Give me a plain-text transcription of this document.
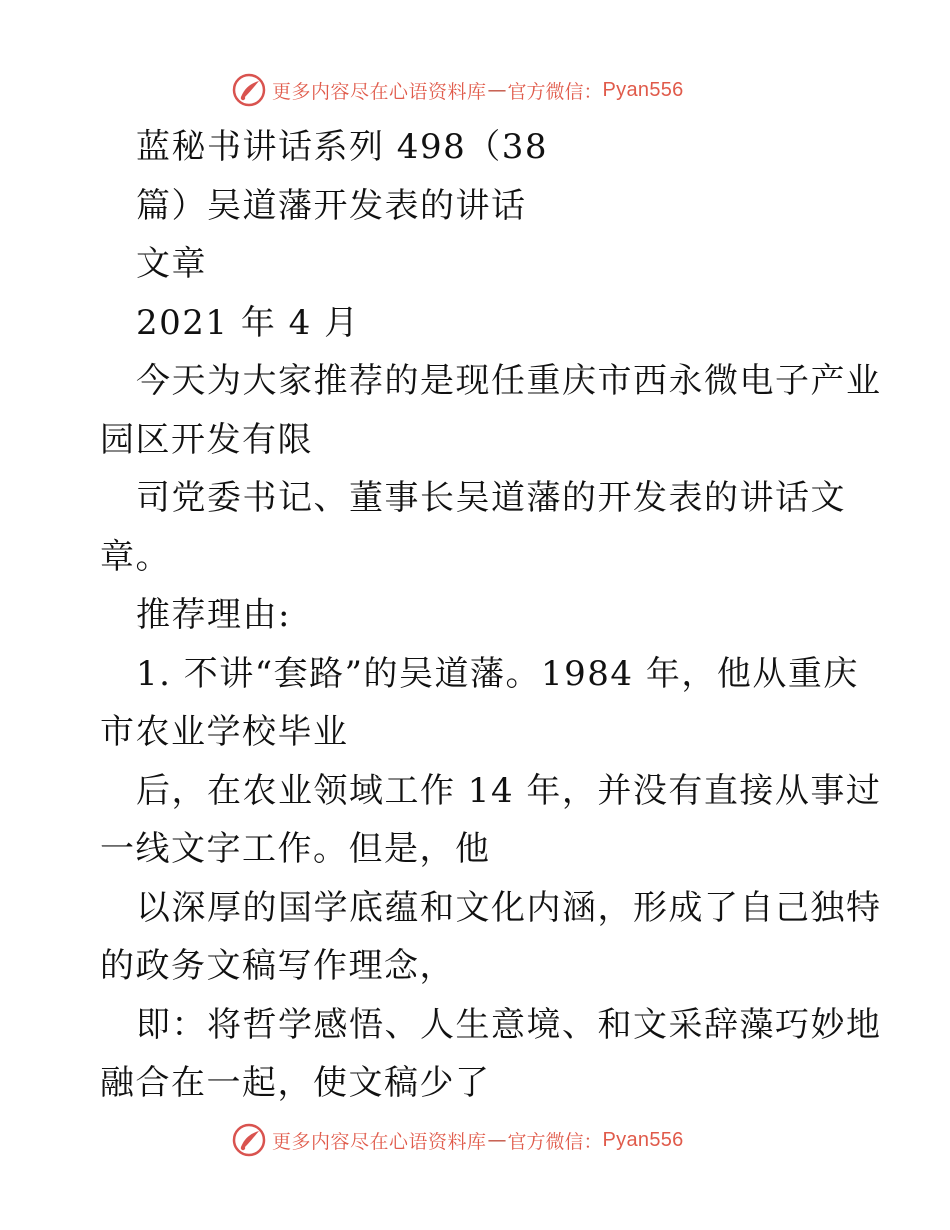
更多内容尽在心语资料库 — 官方微信： Pyan556
蓝秘书讲话系列 498（38
篇）吴道藩开发表的讲话
文章
2021 年 4 月
今天为大家推荐的是现任重庆市西永微电子产业
园区开发有限
司党委书记、董事长吴道藩的开发表的讲话文
章。
推荐理由:
1. 不讲“套路”的吴道藩。1984 年，他从重庆
市农业学校毕业
后，在农业领域工作 14 年，并没有直接从事过
一线文字工作。但是，他
以深厚的国学底蕴和文化内涵，形成了自己独特
的政务文稿写作理念，
即：将哲学感悟、人生意境、和文采辞藻巧妙地
融合在一起，使文稿少了
更多内容尽在心语资料库 — 官方微信： Pyan556
